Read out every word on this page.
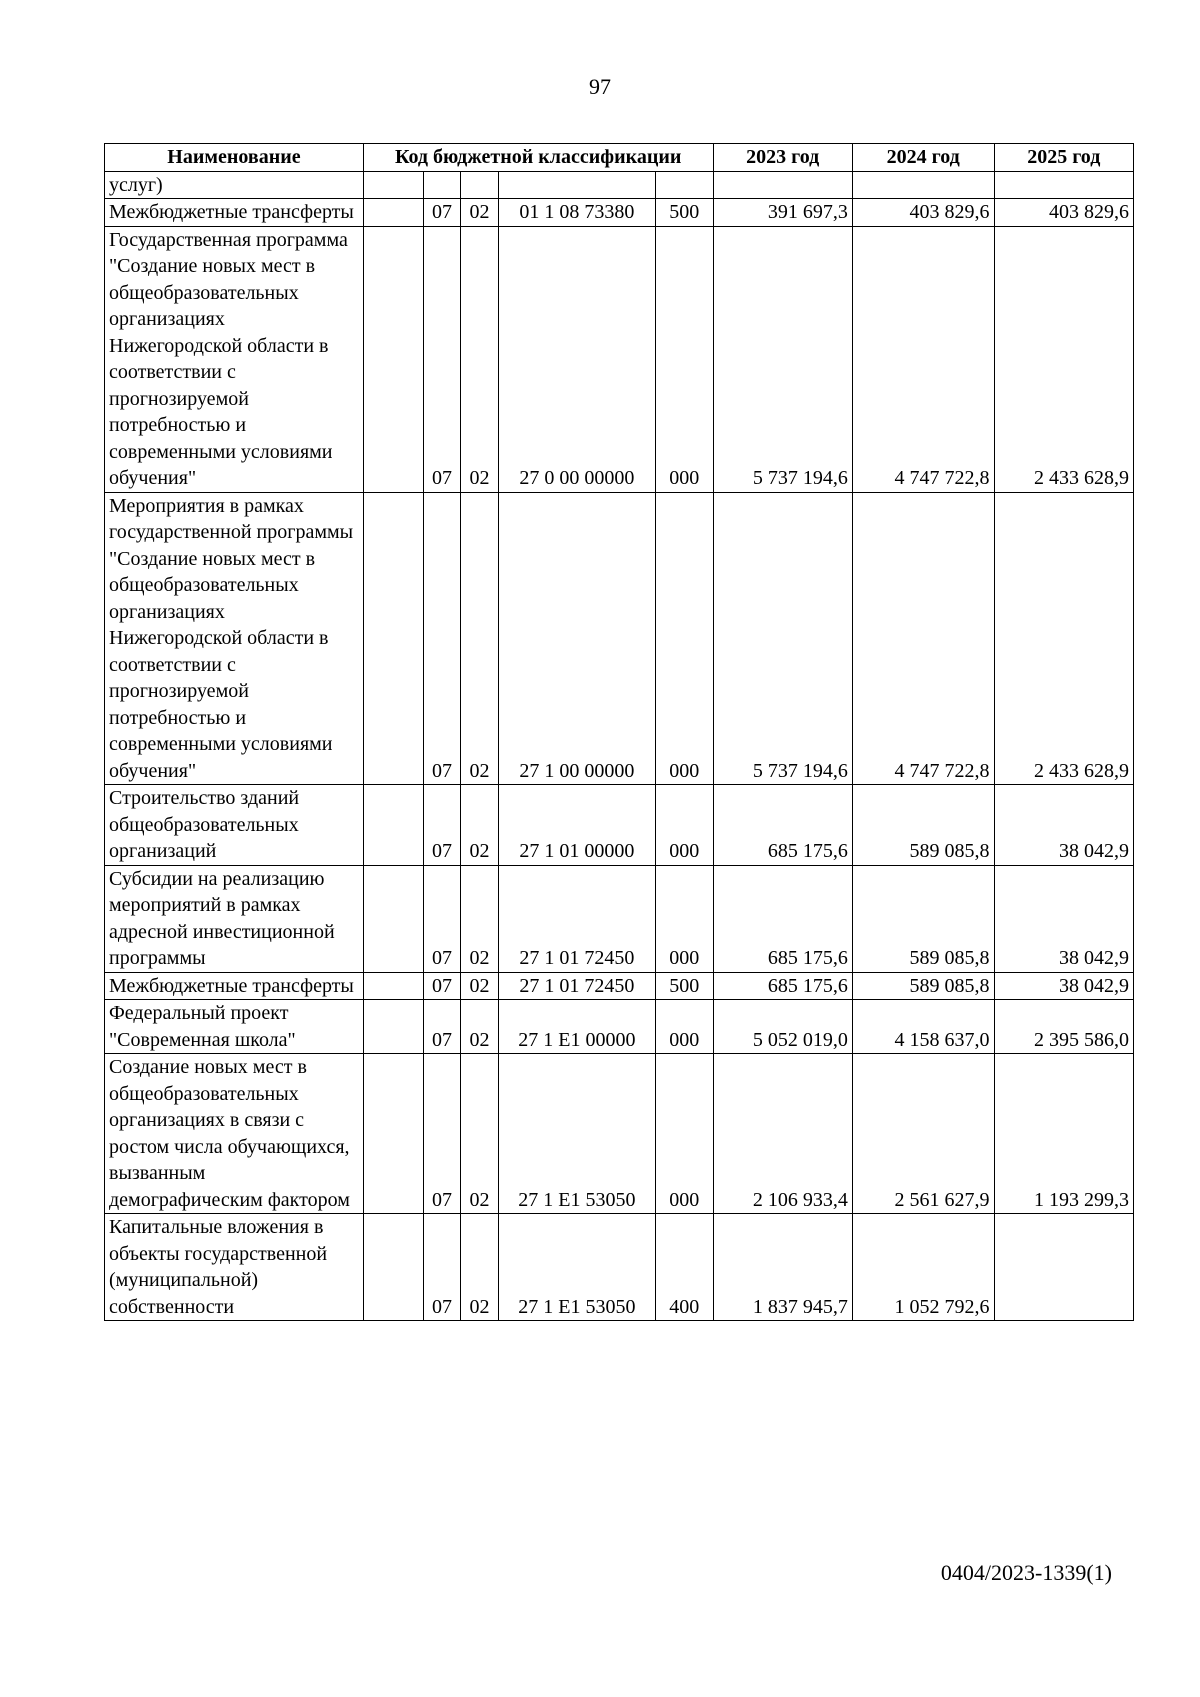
97
Наименование	Код бюджетной классификации					2023 год	2024 год	2025 год
услуг)								
Межбюджетные трансферты		07	02	01 1 08 73380	500	391 697,3	403 829,6	403 829,6
Государственная программа "Создание новых мест в общеобразовательных организациях Нижегородской области в соответствии с прогнозируемой потребностью и современными условиями обучения"		07	02	27 0 00 00000	000	5 737 194,6	4 747 722,8	2 433 628,9
Мероприятия в рамках государственной программы "Создание новых мест в общеобразовательных организациях Нижегородской области в соответствии с прогнозируемой потребностью и современными условиями обучения"		07	02	27 1 00 00000	000	5 737 194,6	4 747 722,8	2 433 628,9
Строительство зданий общеобразовательных организаций		07	02	27 1 01 00000	000	685 175,6	589 085,8	38 042,9
Субсидии на реализацию мероприятий в рамках адресной инвестиционной программы		07	02	27 1 01 72450	000	685 175,6	589 085,8	38 042,9
Межбюджетные трансферты		07	02	27 1 01 72450	500	685 175,6	589 085,8	38 042,9
Федеральный проект "Современная школа"		07	02	27 1 E1 00000	000	5 052 019,0	4 158 637,0	2 395 586,0
Создание новых мест в общеобразовательных организациях в связи с ростом числа обучающихся, вызванным демографическим фактором		07	02	27 1 E1 53050	000	2 106 933,4	2 561 627,9	1 193 299,3
Капитальные вложения в объекты государственной (муниципальной) собственности		07	02	27 1 E1 53050	400	1 837 945,7	1 052 792,6	
0404/2023-1339(1)
